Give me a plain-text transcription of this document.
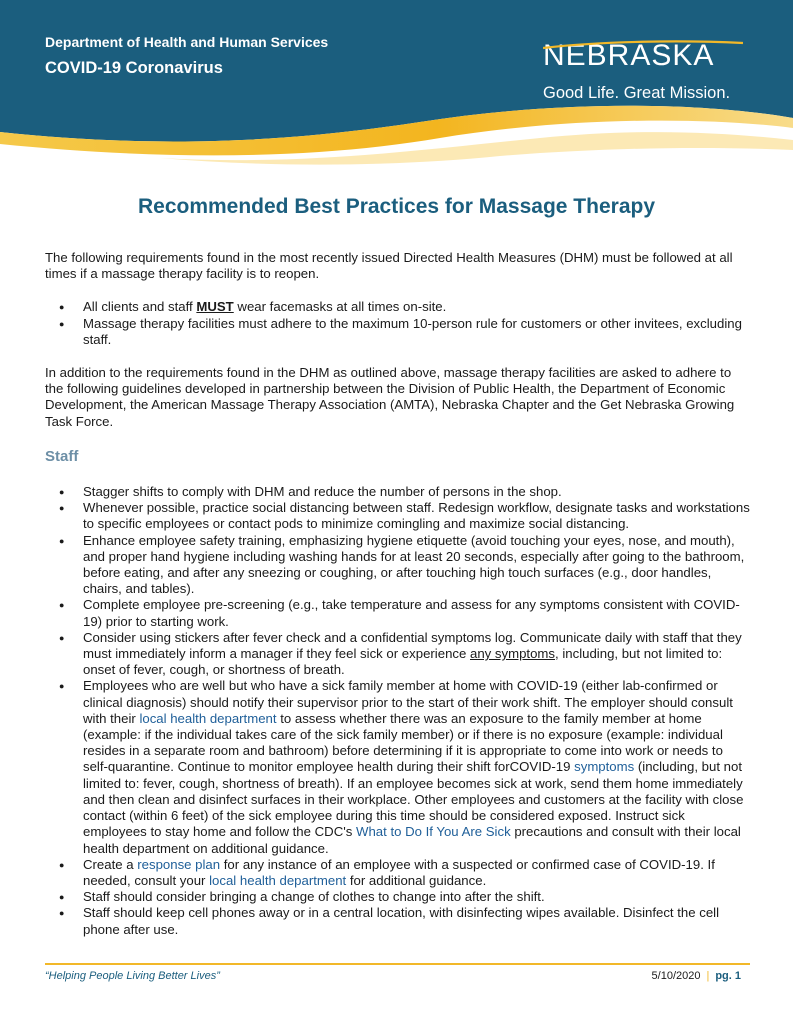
Department of Health and Human Services
COVID-19 Coronavirus	NEBRASKA
Good Life. Great Mission.
Recommended Best Practices for Massage Therapy

The following requirements found in the most recently issued Directed Health Measures (DHM) must be followed at all times if a massage therapy facility is to reopen.

● All clients and staff MUST wear facemasks at all times on-site.
● Massage therapy facilities must adhere to the maximum 10-person rule for customers or other invitees, excluding staff.

In addition to the requirements found in the DHM as outlined above, massage therapy facilities are asked to adhere to the following guidelines developed in partnership between the Division of Public Health, the Department of Economic Development, the American Massage Therapy Association (AMTA), Nebraska Chapter and the Get Nebraska Growing Task Force.

Staff
● Stagger shifts to comply with DHM and reduce the number of persons in the shop.
● Whenever possible, practice social distancing between staff. Redesign workflow, designate tasks and workstations to specific employees or contact pods to minimize comingling and maximize social distancing.
● Enhance employee safety training, emphasizing hygiene etiquette (avoid touching your eyes, nose, and mouth), and proper hand hygiene including washing hands for at least 20 seconds, especially after going to the bathroom, before eating, and after any sneezing or coughing, or after touching high touch surfaces (e.g., door handles, chairs, and tables).
● Complete employee pre-screening (e.g., take temperature and assess for any symptoms consistent with COVID-19) prior to starting work.
● Consider using stickers after fever check and a confidential symptoms log. Communicate daily with staff that they must immediately inform a manager if they feel sick or experience any symptoms, including, but not limited to: onset of fever, cough, or shortness of breath.
● Employees who are well but who have a sick family member at home with COVID-19 (either lab-confirmed or clinical diagnosis) should notify their supervisor prior to the start of their work shift. The employer should consult with their local health department to assess whether there was an exposure to the family member at home (example: if the individual takes care of the sick family member) or if there is no exposure (example: individual resides in a separate room and bathroom) before determining if it is appropriate to come into work or needs to self-quarantine. Continue to monitor employee health during their shift forCOVID-19 symptoms (including, but not limited to: fever, cough, shortness of breath). If an employee becomes sick at work, send them home immediately and then clean and disinfect surfaces in their workplace. Other employees and customers at the facility with close contact (within 6 feet) of the sick employee during this time should be considered exposed. Instruct sick employees to stay home and follow the CDC's What to Do If You Are Sick precautions and consult with their local health department on additional guidance.
● Create a response plan for any instance of an employee with a suspected or confirmed case of COVID-19. If needed, consult your local health department for additional guidance.
● Staff should consider bringing a change of clothes to change into after the shift.
● Staff should keep cell phones away or in a central location, with disinfecting wipes available. Disinfect the cell phone after use.
“Helping People Living Better Lives”	5/10/2020 | pg. 1
